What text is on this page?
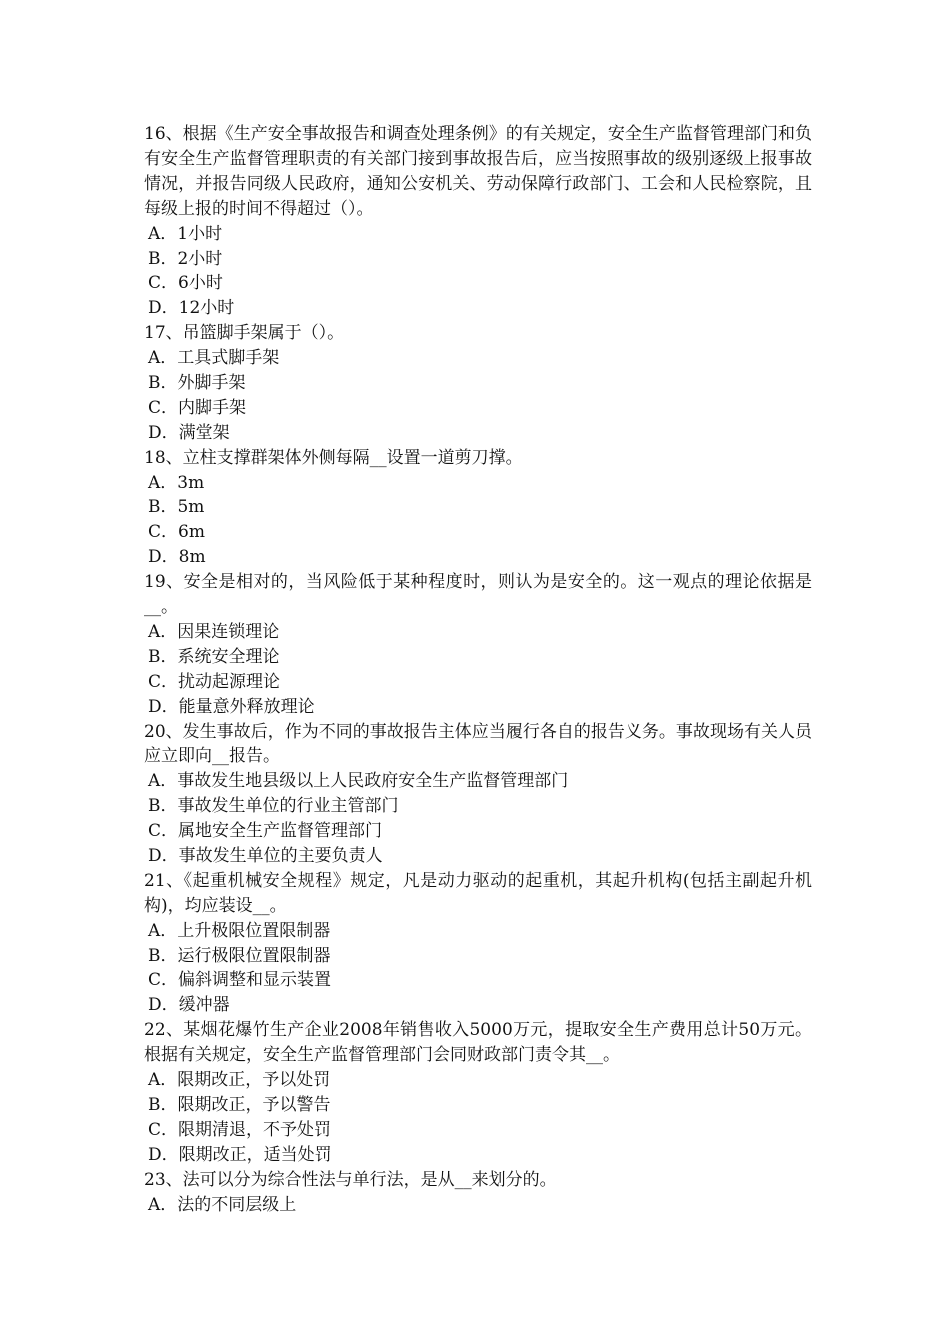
16、根据《生产安全事故报告和调查处理条例》的有关规定，安全生产监督管理部门和负有安全生产监督管理职责的有关部门接到事故报告后，应当按照事故的级别逐级上报事故情况，并报告同级人民政府，通知公安机关、劳动保障行政部门、工会和人民检察院，且每级上报的时间不得超过（）。
A．1小时
B．2小时
C．6小时
D．12小时
17、吊篮脚手架属于（）。
A．工具式脚手架
B．外脚手架
C．内脚手架
D．满堂架
18、立柱支撑群架体外侧每隔__设置一道剪刀撑。
A．3m
B．5m
C．6m
D．8m
19、安全是相对的，当风险低于某种程度时，则认为是安全的。这一观点的理论依据是__。
A．因果连锁理论
B．系统安全理论
C．扰动起源理论
D．能量意外释放理论
20、发生事故后，作为不同的事故报告主体应当履行各自的报告义务。事故现场有关人员应立即向__报告。
A．事故发生地县级以上人民政府安全生产监督管理部门
B．事故发生单位的行业主管部门
C．属地安全生产监督管理部门
D．事故发生单位的主要负责人
21、《起重机械安全规程》规定，凡是动力驱动的起重机，其起升机构(包括主副起升机构)，均应装设__。
A．上升极限位置限制器
B．运行极限位置限制器
C．偏斜调整和显示装置
D．缓冲器
22、某烟花爆竹生产企业2008年销售收入5000万元，提取安全生产费用总计50万元。根据有关规定，安全生产监督管理部门会同财政部门责令其__。
A．限期改正，予以处罚
B．限期改正，予以警告
C．限期清退，不予处罚
D．限期改正，适当处罚
23、法可以分为综合性法与单行法，是从__来划分的。
A．法的不同层级上
